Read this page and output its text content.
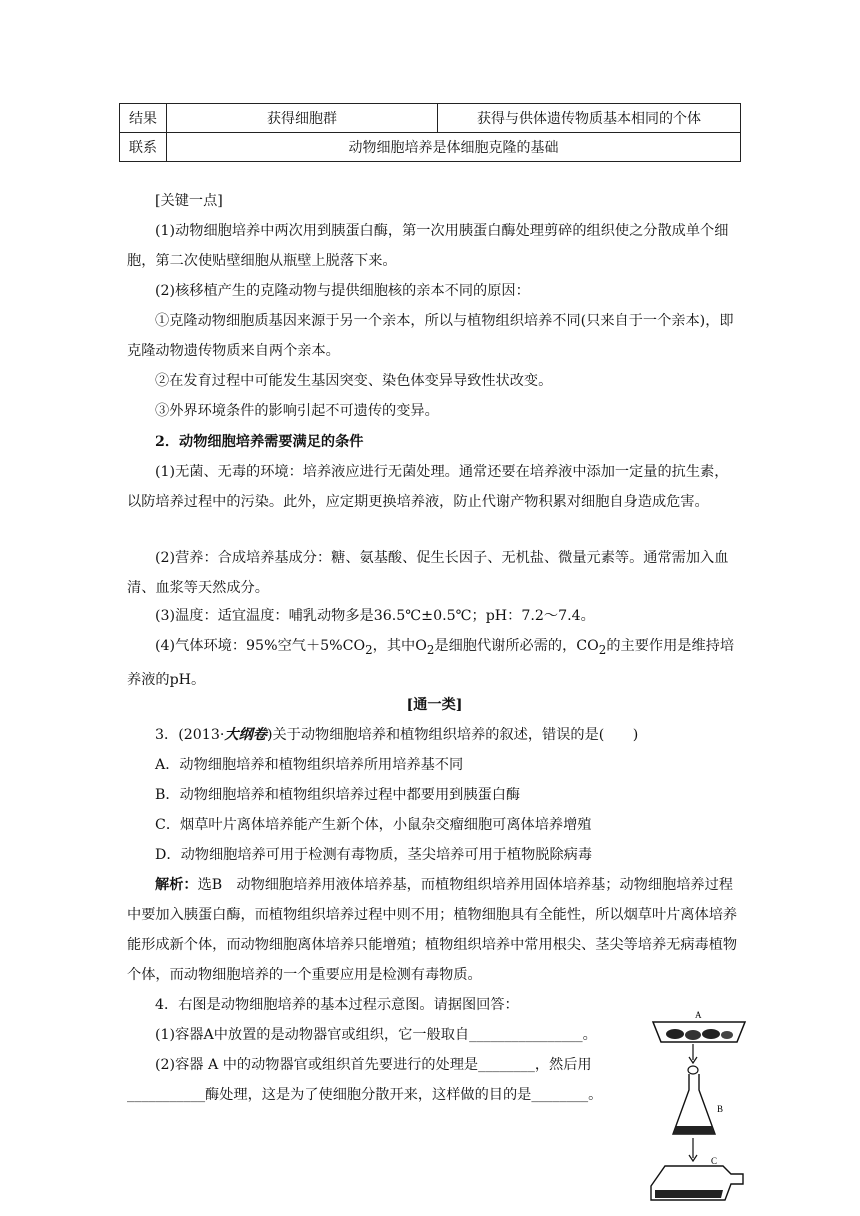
结果	获得细胞群	获得与供体遗传物质基本相同的个体
联系	动物细胞培养是体细胞克隆的基础	
[关键一点]
(1)动物细胞培养中两次用到胰蛋白酶，第一次用胰蛋白酶处理剪碎的组织使之分散成单个细胞，第二次使贴壁细胞从瓶壁上脱落下来。
(2)核移植产生的克隆动物与提供细胞核的亲本不同的原因：
①克隆动物细胞质基因来源于另一个亲本，所以与植物组织培养不同(只来自于一个亲本)，即克隆动物遗传物质来自两个亲本。
②在发育过程中可能发生基因突变、染色体变异导致性状改变。
③外界环境条件的影响引起不可遗传的变异。
2．动物细胞培养需要满足的条件
(1)无菌、无毒的环境：培养液应进行无菌处理。通常还要在培养液中添加一定量的抗生素，以防培养过程中的污染。此外，应定期更换培养液，防止代谢产物积累对细胞自身造成危害。
(2)营养：合成培养基成分：糖、氨基酸、促生长因子、无机盐、微量元素等。通常需加入血清、血浆等天然成分。
(3)温度：适宜温度：哺乳动物多是36.5℃±0.5℃；pH：7.2～7.4。
(4)气体环境：95%空气$+5\%CO_2$，其中$O_2$是细胞代谢所必需的，$CO_2$的主要作用是维持培养液的pH。
[通一类]
3．(2013·大纲卷)关于动物细胞培养和植物组织培养的叙述，错误的是(　　)
A．动物细胞培养和植物组织培养所用培养基不同
B．动物细胞培养和植物组织培养过程中都要用到胰蛋白酶
C．烟草叶片离体培养能产生新个体，小鼠杂交瘤细胞可离体培养增殖
D．动物细胞培养可用于检测有毒物质，茎尖培养可用于植物脱除病毒
解析：选B　动物细胞培养用液体培养基，而植物组织培养用固体培养基；动物细胞培养过程中要加入胰蛋白酶，而植物组织培养过程中则不用；植物细胞具有全能性，所以烟草叶片离体培养能形成新个体，而动物细胞离体培养只能增殖；植物组织培养中常用根尖、茎尖等培养无病毒植物个体，而动物细胞培养的一个重要应用是检测有毒物质。
4．右图是动物细胞培养的基本过程示意图。请据图回答：
(1)容器A中放置的是动物器官或组织，它一般取自________________。
(2)容器 A 中的动物器官或组织首先要进行的处理是________，然后用___________酶处理，这是为了使细胞分散开来，这样做的目的是________。
A
B
C
